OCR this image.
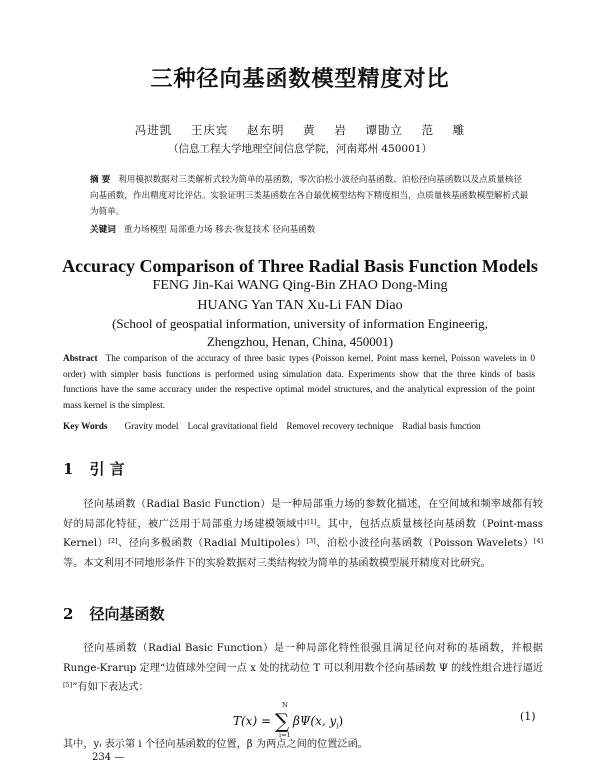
三种径向基函数模型精度对比
冯进凯 王庆宾 赵东明 黄 岩 谭勖立 范 雕
（信息工程大学地理空间信息学院，河南郑州 450001）
摘 要 利用模拟数据对三类解析式较为简单的基函数，零次泊松小波径向基函数、泊松径向基函数以及点质量核径向基函数，作出精度对比评估。实验证明三类基函数在各自最优模型结构下精度相当，点质量核基函数模型解析式最为简单。
关键词 重力场模型 局部重力场 移去-恢复技术 径向基函数
Accuracy Comparison of Three Radial Basis Function Models
FENG Jin-Kai WANG Qing-Bin ZHAO Dong-Ming
HUANG Yan TAN Xu-Li FAN Diao
(School of geospatial information, university of information Engineerig,
Zhengzhou, Henan, China, 450001)
Abstract The comparison of the accuracy of three basic types (Poisson kernel, Point mass kernel, Poisson wavelets in 0 order) with simpler basis functions is performed using simulation data. Experiments show that the three kinds of basis functions have the same accuracy under the respective optimal model structures, and the analytical expression of the point mass kernel is the simplest.
Key Words Gravity model Local gravitational field Removel recovery technique Radial basis function
1 引 言
径向基函数（Radial Basic Function）是一种局部重力场的参数化描述，在空间域和频率域都有较好的局部化特征，被广泛用于局部重力场建模领域中[1]。其中，包括点质量核径向基函数（Point-mass Kernel）[2]、径向多极函数（Radial Multipoles）[3]、泊松小波径向基函数（Poisson Wavelets）[4]等。本文利用不同地形条件下的实验数据对三类结构较为简单的基函数模型展开精度对比研究。
2 径向基函数
径向基函数（Radial Basic Function）是一种局部化特性很强且满足径向对称的基函数，并根据 Runge-Krarup 定理“边值球外空间一点 x 处的扰动位 T 可以利用数个径向基函数 Ψ 的线性组合进行逼近[5]”有如下表达式：
T(x) = ∑
N
i=1
βΨ(x, $y_i$)	(1)
其中，yᵢ 表示第 i 个径向基函数的位置，β 为两点之间的位置泛函。
234 —
